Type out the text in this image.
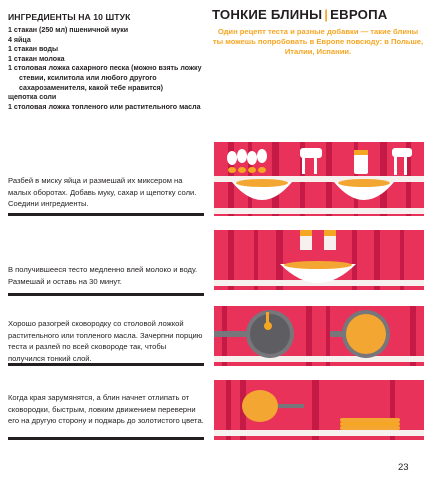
ИНГРЕДИЕНТЫ НА 10 ШТУК
1 стакан (250 мл) пшеничной муки
4 яйца
1 стакан воды
1 стакан молока
1 столовая ложка сахарного песка (можно взять ложку стевии, ксилитола или любого другого сахарозаменителя, какой тебе нравится)
щепотка соли
1 столовая ложка топленого или растительного масла
ТОНКИЕ БЛИНЫ | ЕВРОПА
Один рецепт теста и разные добавки — такие блины ты можешь попробовать в Европе повсюду: в Польше, Италии, Испании.
Разбей в миску яйца и размешай их миксером на малых оборотах. Добавь муку, сахар и щепотку соли. Соедини ингредиенты.
В получившееся тесто медленно влей молоко и воду. Размешай и оставь на 30 минут.
Хорошо разогрей сковородку со столовой ложкой растительного или топленого масла. Зачерпни порцию теста и разлей по всей сковороде так, чтобы получился тонкий слой.
Когда края зарумянятся, а блин начнет отлипать от сковородки, быстрым, ловким движением переверни его на другую сторону и поджарь до золотистого цвета.
23
